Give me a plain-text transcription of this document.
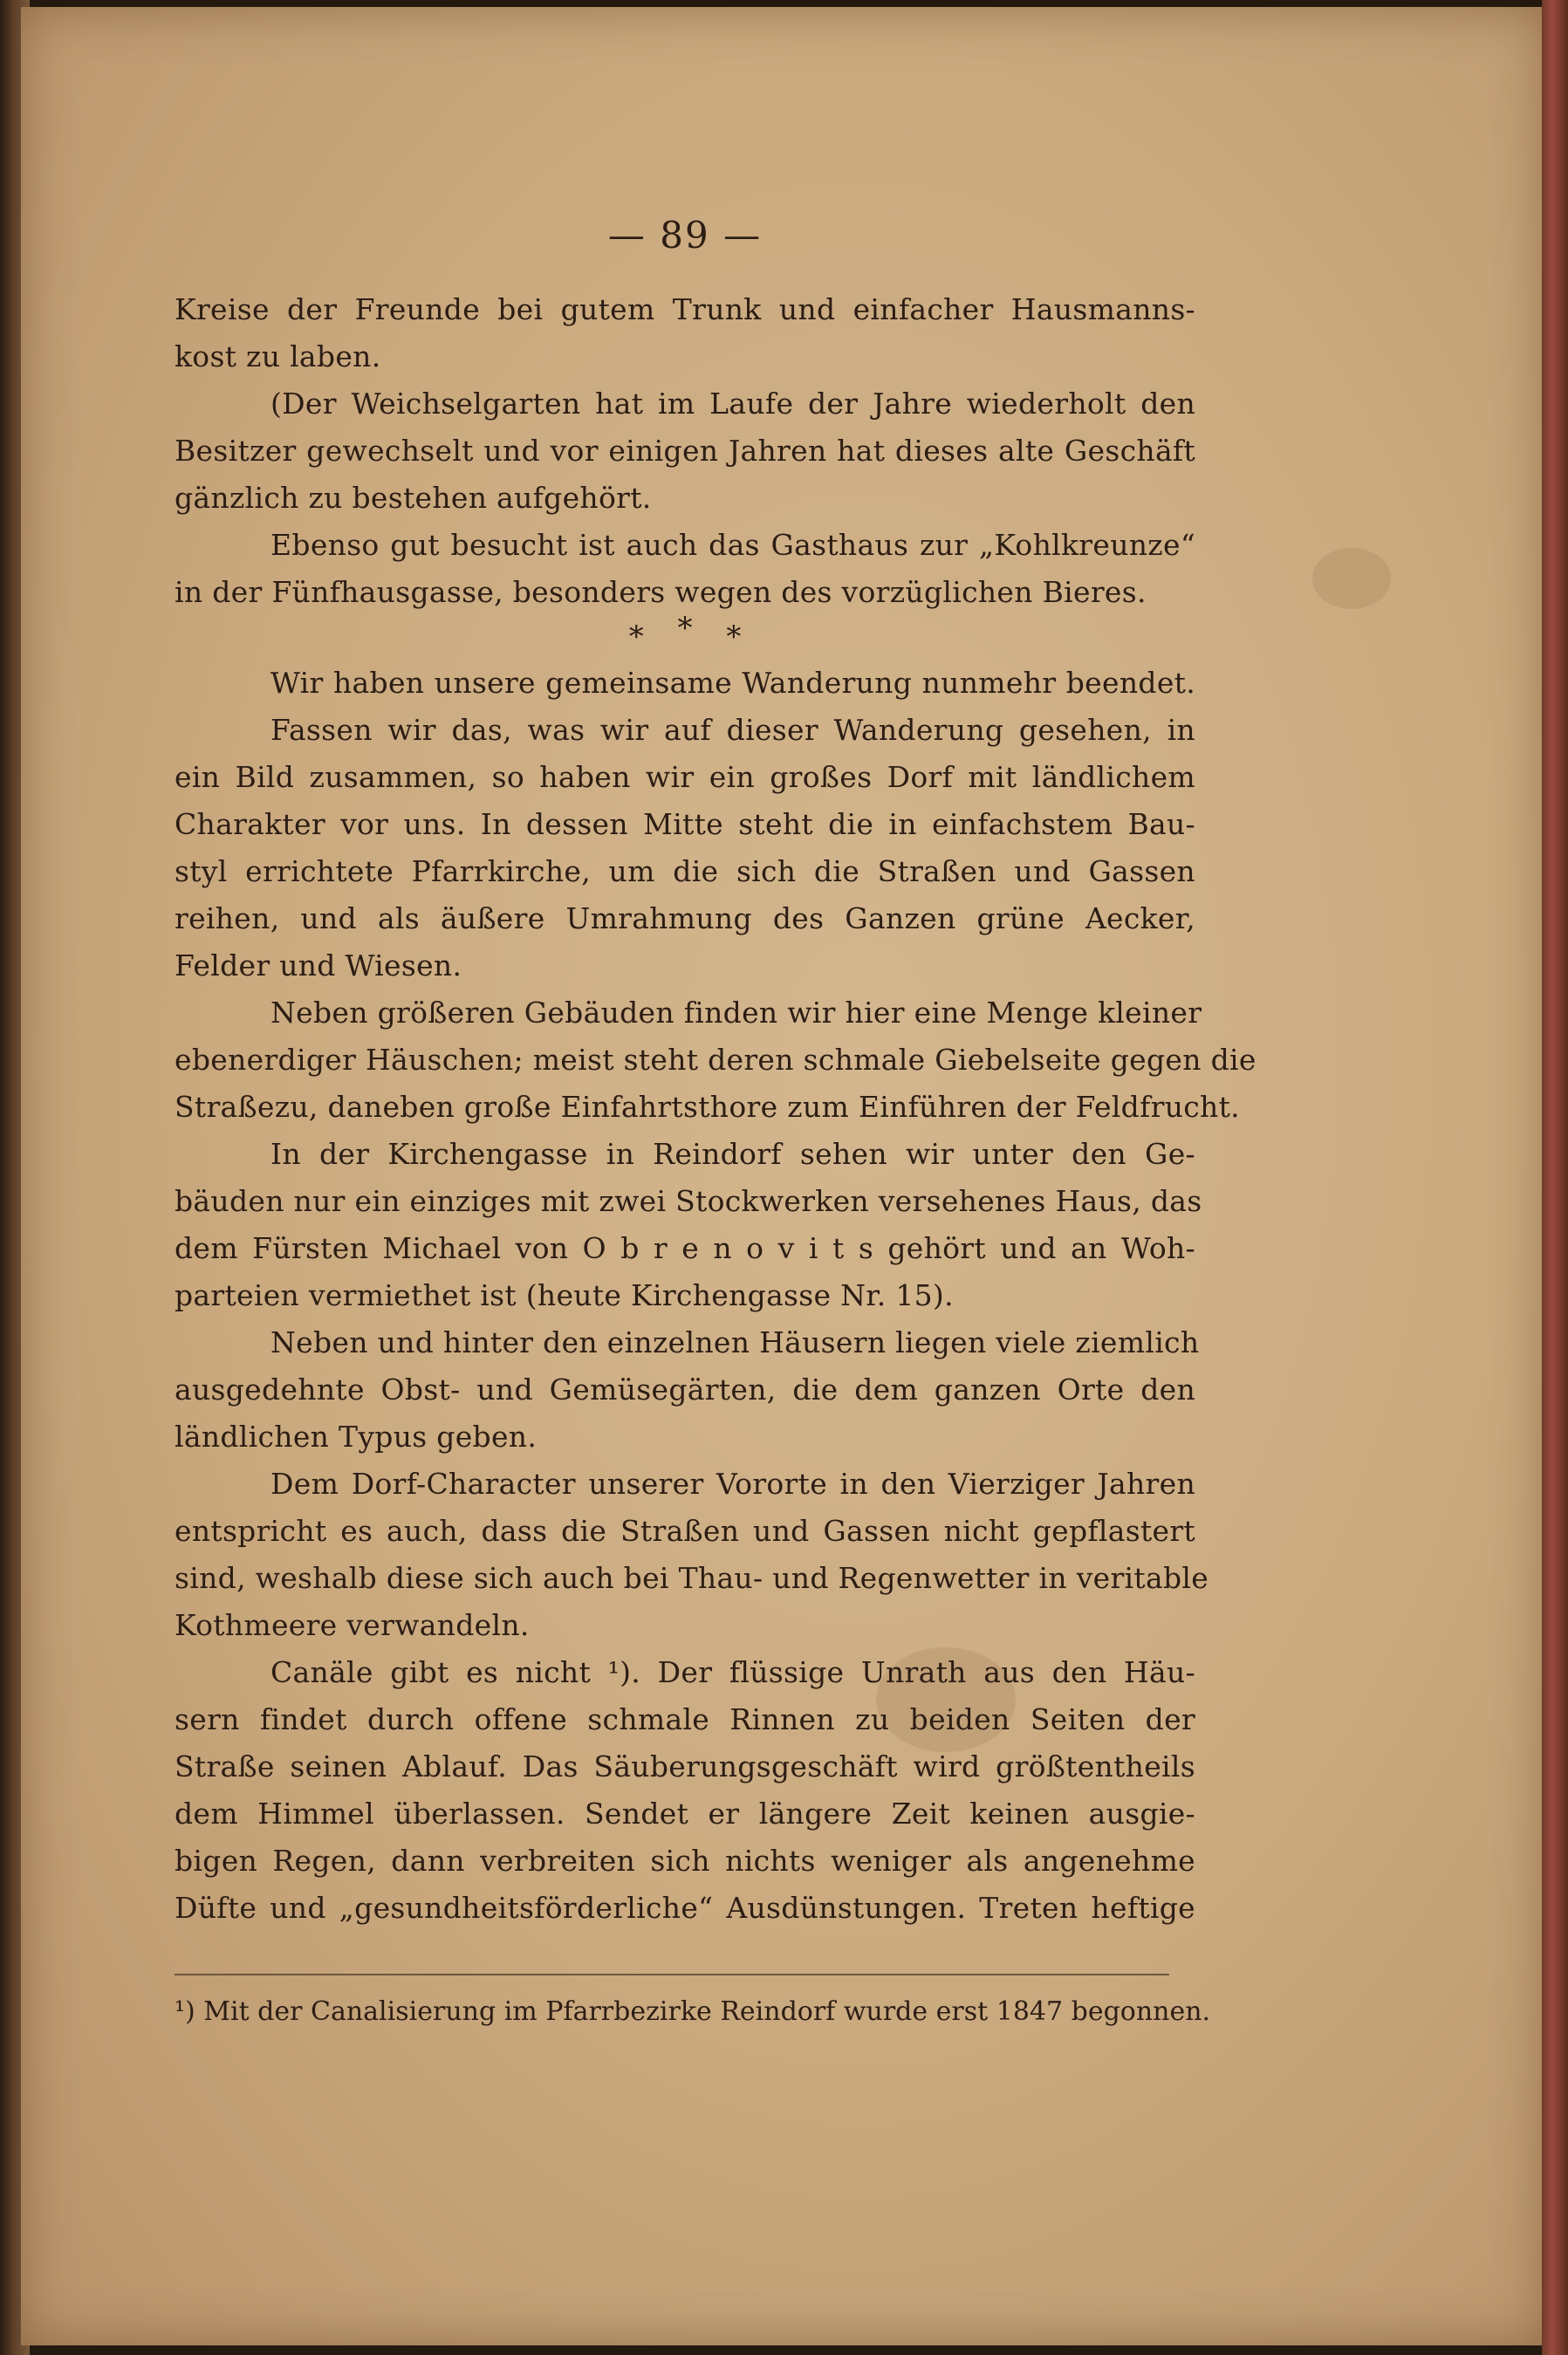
— 89 —

Kreise der Freunde bei gutem Trunk und einfacher Hausmanns-

kost zu laben.

(Der Weichselgarten hat im Laufe der Jahre wiederholt den

Besitzer gewechselt und vor einigen Jahren hat dieses alte Geschäft

gänzlich zu bestehen aufgehört.

Ebenso gut besucht ist auch das Gasthaus zur „Kohlkreunze“

in der Fünfhausgasse, besonders wegen des vorzüglichen Bieres.

* * *

Wir haben unsere gemeinsame Wanderung nunmehr beendet.

Fassen wir das, was wir auf dieser Wanderung gesehen, in

ein Bild zusammen, so haben wir ein großes Dorf mit ländlichem

Charakter vor uns. In dessen Mitte steht die in einfachstem Bau-

styl errichtete Pfarrkirche, um die sich die Straßen und Gassen

reihen, und als äußere Umrahmung des Ganzen grüne Aecker,

Felder und Wiesen.

Neben größeren Gebäuden finden wir hier eine Menge kleiner

ebenerdiger Häuschen; meist steht deren schmale Giebelseite gegen die

Straßezu, daneben große Einfahrtsthore zum Einführen der Feldfrucht.

In der Kirchengasse in Reindorf sehen wir unter den Ge-

bäuden nur ein einziges mit zwei Stockwerken versehenes Haus, das

dem Fürsten Michael von O b r e n o v i t s gehört und an Woh-

parteien vermiethet ist (heute Kirchengasse Nr. 15).

Neben und hinter den einzelnen Häusern liegen viele ziemlich

ausgedehnte Obst- und Gemüsegärten, die dem ganzen Orte den

ländlichen Typus geben.

Dem Dorf-Character unserer Vororte in den Vierziger Jahren

entspricht es auch, dass die Straßen und Gassen nicht gepflastert

sind, weshalb diese sich auch bei Thau- und Regenwetter in veritable

Kothmeere verwandeln.

Canäle gibt es nicht ¹). Der flüssige Unrath aus den Häu-

sern findet durch offene schmale Rinnen zu beiden Seiten der

Straße seinen Ablauf. Das Säuberungsgeschäft wird größtentheils

dem Himmel überlassen. Sendet er längere Zeit keinen ausgie-

bigen Regen, dann verbreiten sich nichts weniger als angenehme

Düfte und „gesundheitsförderliche“ Ausdünstungen. Treten heftige

¹) Mit der Canalisierung im Pfarrbezirke Reindorf wurde erst 1847 begonnen.
